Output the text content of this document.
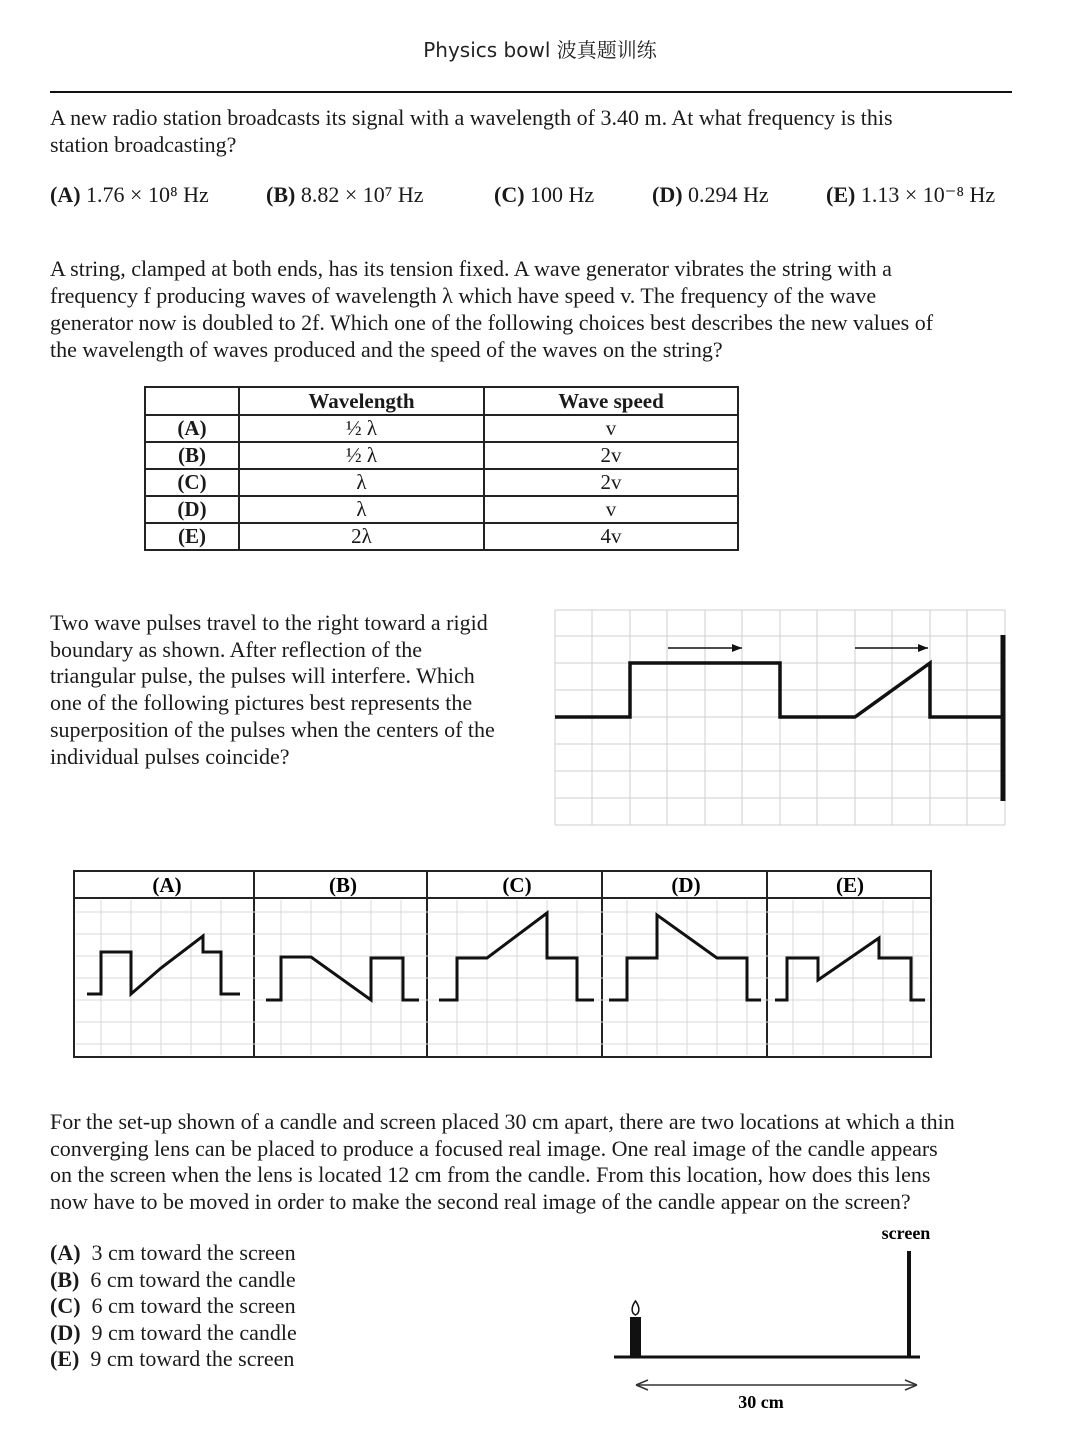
Physics bowl 波真题训练
A new radio station broadcasts its signal with a wavelength of 3.40 m. At what frequency is this
station broadcasting?
(A) 1.76 × 10⁸ Hz	(B) 8.82 × 10⁷ Hz	(C) 100 Hz	(D) 0.294 Hz	(E) 1.13 × 10⁻⁸ Hz
A string, clamped at both ends, has its tension fixed. A wave generator vibrates the string with a
frequency f producing waves of wavelength λ which have speed v. The frequency of the wave
generator now is doubled to 2f. Which one of the following choices best describes the new values of
the wavelength of waves produced and the speed of the waves on the string?
	Wavelength	Wave speed
(A)	½ λ	v
(B)	½ λ	2v
(C)	λ	2v
(D)	λ	v
(E)	2λ	4v
Two wave pulses travel to the right toward a rigid
boundary as shown. After reflection of the
triangular pulse, the pulses will interfere. Which
one of the following pictures best represents the
superposition of the pulses when the centers of the
individual pulses coincide?
(A)	(B)	(C)	(D)	(E)
For the set-up shown of a candle and screen placed 30 cm apart, there are two locations at which a thin
converging lens can be placed to produce a focused real image. One real image of the candle appears
on the screen when the lens is located 12 cm from the candle. From this location, how does this lens
now have to be moved in order to make the second real image of the candle appear on the screen?
(A) 3 cm toward the screen
(B) 6 cm toward the candle
(C) 6 cm toward the screen
(D) 9 cm toward the candle
(E) 9 cm toward the screen
screen
30 cm
